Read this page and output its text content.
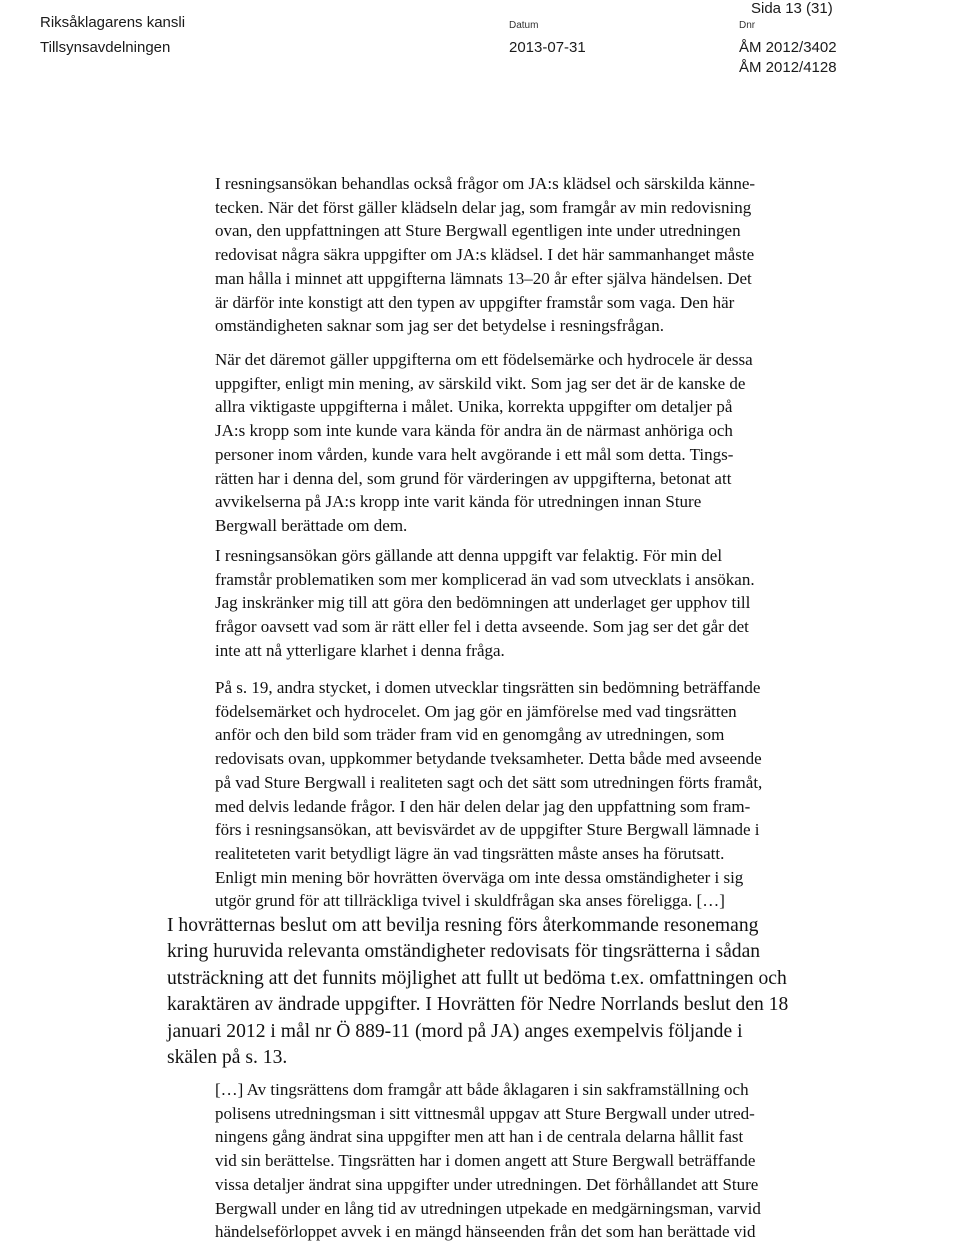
Riksåklagarens kansli
Tillsynsavdelningen
Sida 13 (31)
Datum
2013-07-31
Dnr
ÅM 2012/3402
ÅM 2012/4128
I resningsansökan behandlas också frågor om JA:s klädsel och särskilda känne-
tecken. När det först gäller klädseln delar jag, som framgår av min redovisning
ovan, den uppfattningen att Sture Bergwall egentligen inte under utredningen
redovisat några säkra uppgifter om JA:s klädsel. I det här sammanhanget måste
man hålla i minnet att uppgifterna lämnats 13–20 år efter själva händelsen. Det
är därför inte konstigt att den typen av uppgifter framstår som vaga. Den här
omständigheten saknar som jag ser det betydelse i resningsfrågan.
När det däremot gäller uppgifterna om ett födelsemärke och hydrocele är dessa
uppgifter, enligt min mening, av särskild vikt. Som jag ser det är de kanske de
allra viktigaste uppgifterna i målet. Unika, korrekta uppgifter om detaljer på
JA:s kropp som inte kunde vara kända för andra än de närmast anhöriga och
personer inom vården, kunde vara helt avgörande i ett mål som detta. Tings-
rätten har i denna del, som grund för värderingen av uppgifterna, betonat att
avvikelserna på JA:s kropp inte varit kända för utredningen innan Sture
Bergwall berättade om dem.
I resningsansökan görs gällande att denna uppgift var felaktig. För min del
framstår problematiken som mer komplicerad än vad som utvecklats i ansökan.
Jag inskränker mig till att göra den bedömningen att underlaget ger upphov till
frågor oavsett vad som är rätt eller fel i detta avseende. Som jag ser det går det
inte att nå ytterligare klarhet i denna fråga.
På s. 19, andra stycket, i domen utvecklar tingsrätten sin bedömning beträffande
födelsemärket och hydrocelet. Om jag gör en jämförelse med vad tingsrätten
anför och den bild som träder fram vid en genomgång av utredningen, som
redovisats ovan, uppkommer betydande tveksamheter. Detta både med avseende
på vad Sture Bergwall i realiteten sagt och det sätt som utredningen förts framåt,
med delvis ledande frågor. I den här delen delar jag den uppfattning som fram-
förs i resningsansökan, att bevisvärdet av de uppgifter Sture Bergwall lämnade i
realiteteten varit betydligt lägre än vad tingsrätten måste anses ha förutsatt.
Enligt min mening bör hovrätten överväga om inte dessa omständigheter i sig
utgör grund för att tillräckliga tvivel i skuldfrågan ska anses föreligga. […]
I hovrätternas beslut om att bevilja resning förs återkommande resonemang
kring huruvida relevanta omständigheter redovisats för tingsrätterna i sådan
utsträckning att det funnits möjlighet att fullt ut bedöma t.ex. omfattningen och
karaktären av ändrade uppgifter. I Hovrätten för Nedre Norrlands beslut den 18
januari 2012 i mål nr Ö 889-11 (mord på JA) anges exempelvis följande i
skälen på s. 13.
[…] Av tingsrättens dom framgår att både åklagaren i sin sakframställning och
polisens utredningsman i sitt vittnesmål uppgav att Sture Bergwall under utred-
ningens gång ändrat sina uppgifter men att han i de centrala delarna hållit fast
vid sin berättelse. Tingsrätten har i domen angett att Sture Bergwall beträffande
vissa detaljer ändrat sina uppgifter under utredningen. Det förhållandet att Sture
Bergwall under en lång tid av utredningen utpekade en medgärningsman, varvid
händelseförloppet avvek i en mängd hänseenden från det som han berättade vid
